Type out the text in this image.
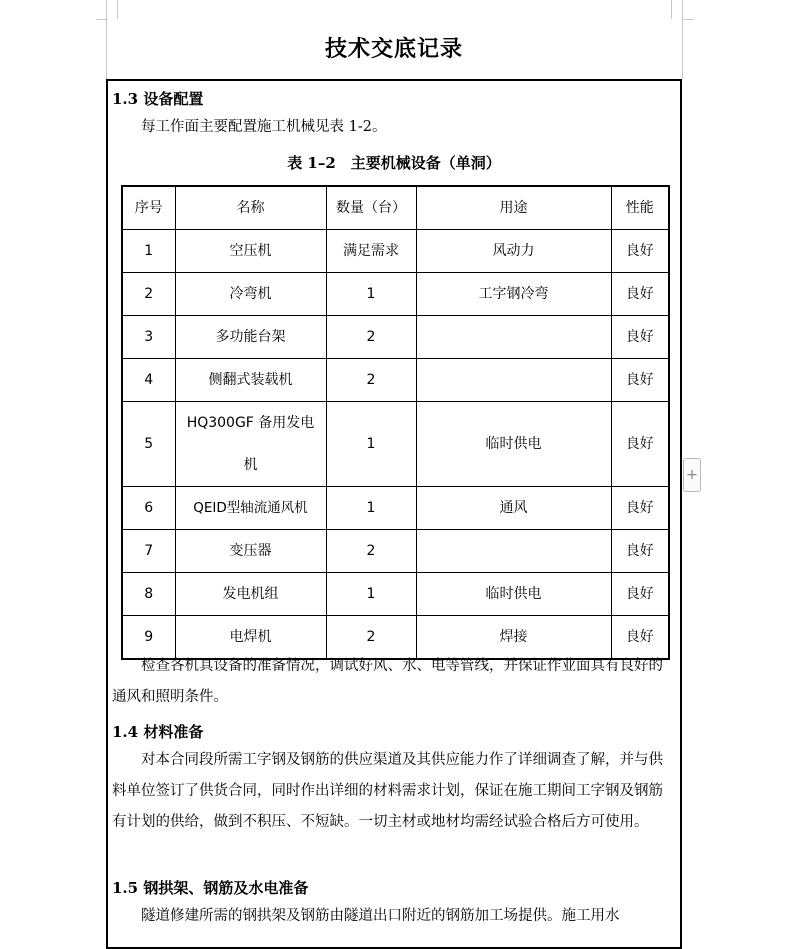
技术交底记录
1.3 设备配置
每工作面主要配置施工机械见表 1-2。
表 1–2　主要机械设备（单洞）
序号	名称	数量（台）	用途	性能
1	空压机	满足需求	风动力	良好
2	冷弯机	1	工字钢冷弯	良好
3	多功能台架	2		良好
4	侧翻式装载机	2		良好
5	HQ300GF 备用发电机	1	临时供电	良好
6	QEID型轴流通风机	1	通风	良好
7	变压器	2		良好
8	发电机组	1	临时供电	良好
9	电焊机	2	焊接	良好
检查各机具设备的准备情况，调试好风、水、电等管线，并保证作业面具有良好的通风和照明条件。
1.4 材料准备
对本合同段所需工字钢及钢筋的供应渠道及其供应能力作了详细调查了解，并与供料单位签订了供货合同，同时作出详细的材料需求计划，保证在施工期间工字钢及钢筋有计划的供给，做到不积压、不短缺。一切主材或地材均需经试验合格后方可使用。
1.5 钢拱架、钢筋及水电准备
隧道修建所需的钢拱架及钢筋由隧道出口附近的钢筋加工场提供。施工用水
+
